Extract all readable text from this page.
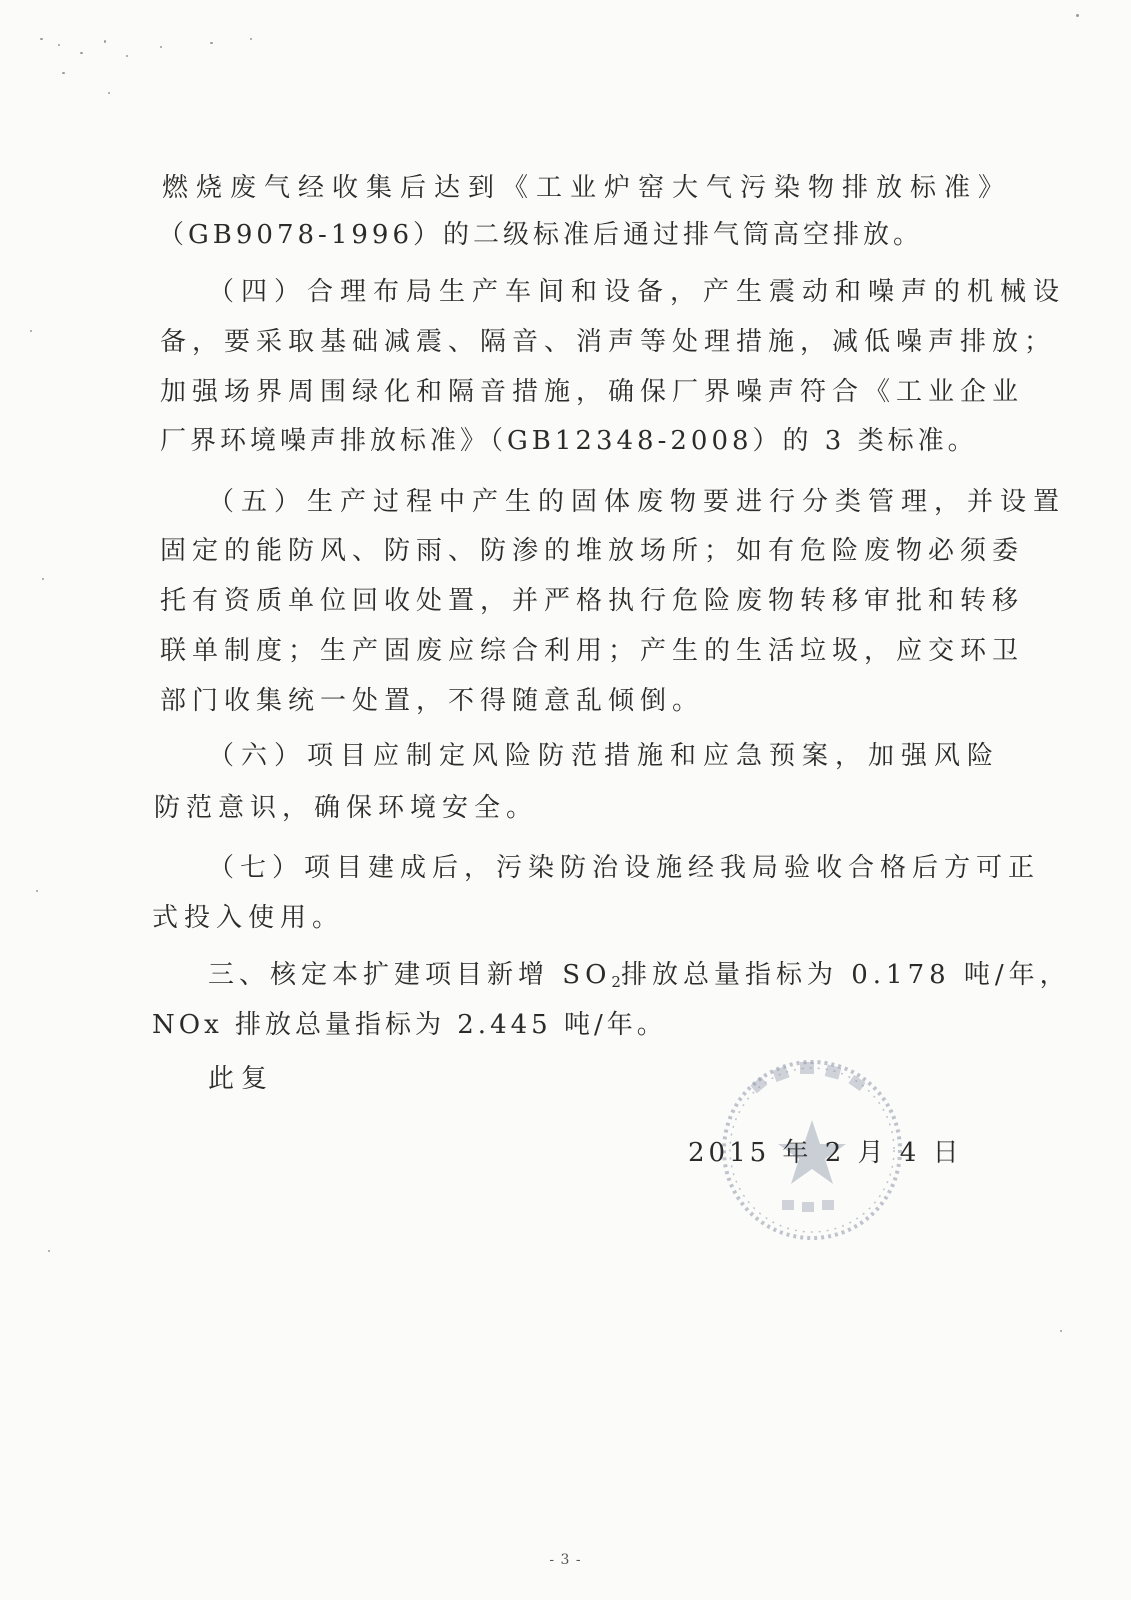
燃烧废气经收集后达到《工业炉窑大气污染物排放标准》
（GB9078-1996）的二级标准后通过排气筒高空排放。
（四）合理布局生产车间和设备，产生震动和噪声的机械设
备，要采取基础减震、隔音、消声等处理措施，减低噪声排放；
加强场界周围绿化和隔音措施，确保厂界噪声符合《工业企业
厂界环境噪声排放标准》（GB12348-2008）的 3 类标准。
（五）生产过程中产生的固体废物要进行分类管理，并设置
固定的能防风、防雨、防渗的堆放场所；如有危险废物必须委
托有资质单位回收处置，并严格执行危险废物转移审批和转移
联单制度；生产固废应综合利用；产生的生活垃圾，应交环卫
部门收集统一处置，不得随意乱倾倒。
（六）项目应制定风险防范措施和应急预案，加强风险
防范意识，确保环境安全。
（七）项目建成后，污染防治设施经我局验收合格后方可正
式投入使用。
三、核定本扩建项目新增 $SO_2$排放总量指标为 0.178 吨/年，
NOx 排放总量指标为 2.445 吨/年。
此复
2015 年 2 月 4 日
- 3 -
